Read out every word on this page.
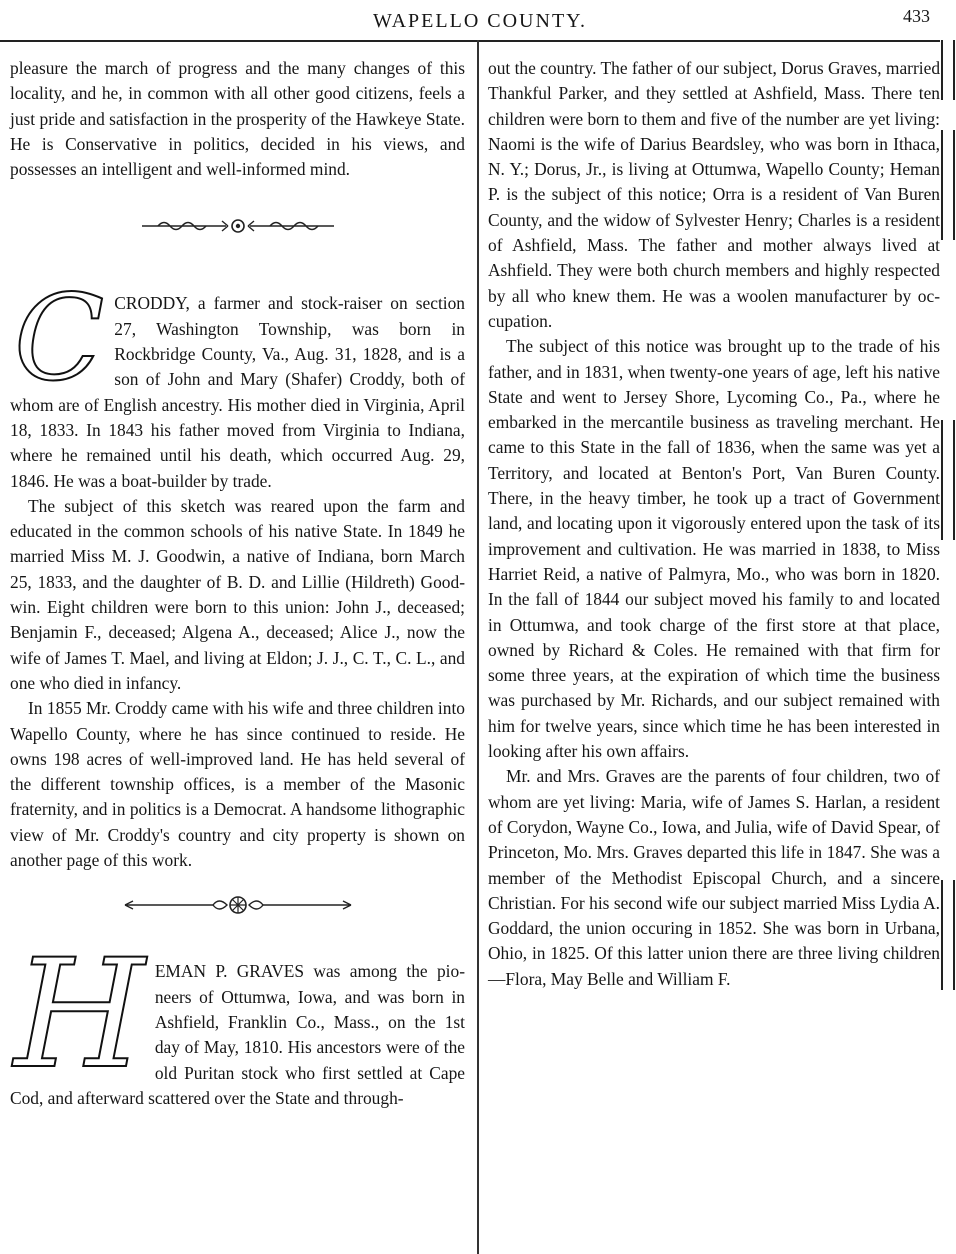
WAPELLO COUNTY.	433

pleasure the march of progress and the many changes of this locality, and he, in common with all other good citizens, feels a just pride and satisfaction in the prosperity of the Hawkeye State. He is Conservative in politics, decided in his views, and possesses an intelligent and well-informed mind.

C CRODDY, a farmer and stock-raiser on section 27, Washington Township, was born in Rockbridge County, Va., Aug. 31, 1828, and is a son of John and Mary (Shafer) Croddy, both of whom are of English ancestry. His mother died in Virginia, April 18, 1833. In 1843 his father moved from Virginia to Indiana, where he remained until his death, which occurred Aug. 29, 1846. He was a boat-builder by trade.

The subject of this sketch was reared upon the farm and educated in the common schools of his native State. In 1849 he married Miss M. J. Goodwin, a native of Indiana, born March 25, 1833, and the daughter of B. D. and Lillie (Hildreth) Goodwin. Eight children were born to this union: John J., deceased; Benjamin F., deceased; Algena A., deceased; Alice J., now the wife of James T. Mael, and living at Eldon; J. J., C. T., C. L., and one who died in infancy.

In 1855 Mr. Croddy came with his wife and three children into Wapello County, where he has since continued to reside. He owns 198 acres of well-improved land. He has held several of the different township offices, is a member of the Masonic fraternity, and in politics is a Democrat. A handsome lithographic view of Mr. Croddy's country and city property is shown on another page of this work.

H EMAN P. GRAVES was among the pioneers of Ottumwa, Iowa, and was born in Ashfield, Franklin Co., Mass., on the 1st day of May, 1810. His ancestors were of the old Puritan stock who first settled at Cape Cod, and afterward scattered over the State and through-

out the country. The father of our subject, Dorus Graves, married Thankful Parker, and they settled at Ashfield, Mass. There ten children were born to them and five of the number are yet living: Naomi is the wife of Darius Beardsley, who was born in Ithaca, N. Y.; Dorus, Jr., is living at Ottumwa, Wapello County; Heman P. is the subject of this notice; Orra is a resident of Van Buren County, and the widow of Sylvester Henry; Charles is a resident of Ashfield, Mass. The father and mother always lived at Ashfield. They were both church members and highly respected by all who knew them. He was a woolen manufacturer by occupation.

The subject of this notice was brought up to the trade of his father, and in 1831, when twenty-one years of age, left his native State and went to Jersey Shore, Lycoming Co., Pa., where he embarked in the mercantile business as traveling merchant. He came to this State in the fall of 1836, when the same was yet a Territory, and located at Benton's Port, Van Buren County. There, in the heavy timber, he took up a tract of Government land, and locating upon it vigorously entered upon the task of its improvement and cultivation. He was married in 1838, to Miss Harriet Reid, a native of Palmyra, Mo., who was born in 1820. In the fall of 1844 our subject moved his family to and located in Ottumwa, and took charge of the first store at that place, owned by Richard & Coles. He remained with that firm for some three years, at the expiration of which time the business was purchased by Mr. Richards, and our subject remained with him for twelve years, since which time he has been interested in looking after his own affairs.

Mr. and Mrs. Graves are the parents of four children, two of whom are yet living: Maria, wife of James S. Harlan, a resident of Corydon, Wayne Co., Iowa, and Julia, wife of David Spear, of Princeton, Mo. Mrs. Graves departed this life in 1847. She was a member of the Methodist Episcopal Church, and a sincere Christian. For his second wife our subject married Miss Lydia A. Goddard, the union occuring in 1852. She was born in Urbana, Ohio, in 1825. Of this latter union there are three living children—Flora, May Belle and William F.
